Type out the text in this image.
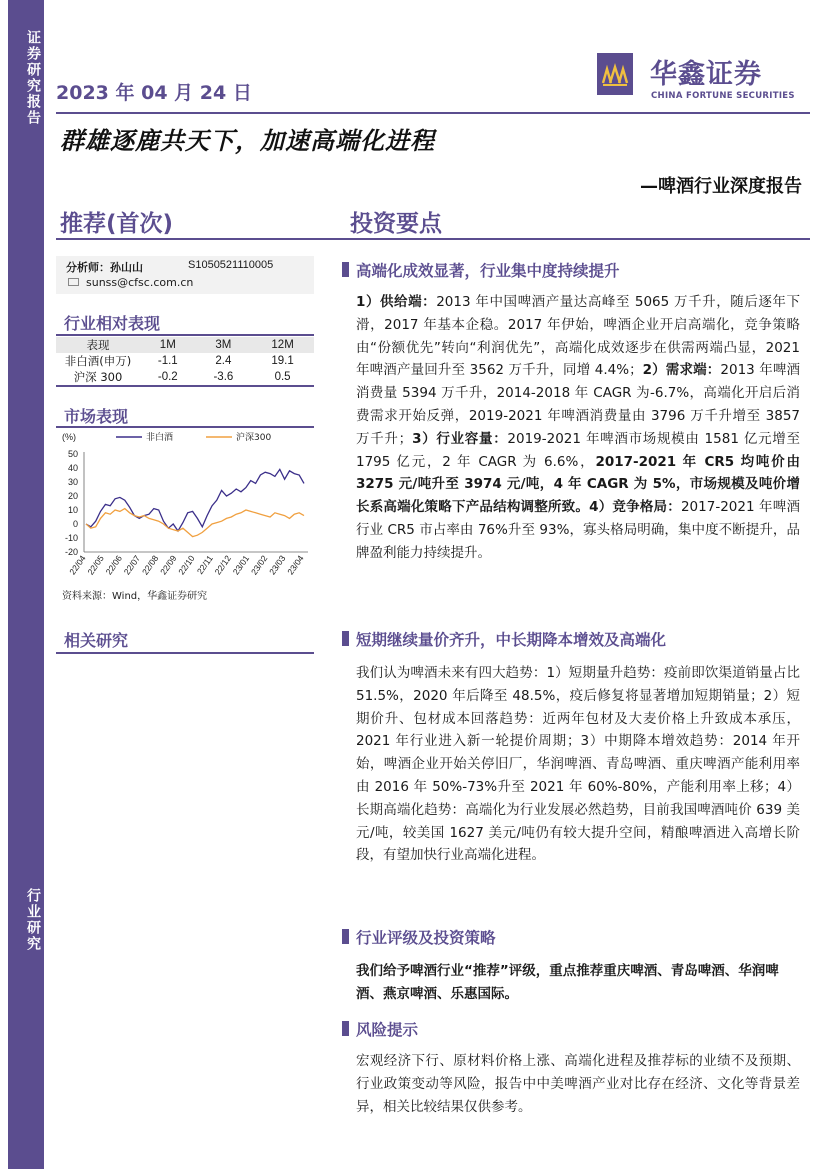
证券研究报告
行业研究
2023 年 04 月 24 日
华鑫证券
CHINA FORTUNE SECURITIES
群雄逐鹿共天下，加速高端化进程
—啤酒行业深度报告
推荐(首次)	投资要点
分析师：孙山山	S1050521110005
sunss@cfsc.com.cn
行业相对表现
表现	1M	3M	12M
非白酒(申万)	-1.1	2.4	19.1
沪深 300	-0.2	-3.6	0.5
市场表现
(%)	非白酒	沪深300
50
40
30
20
10
0
-10
-20
22/04
22/05
22/06
22/07
22/08
22/09
22/10
22/11
22/12
23/01
23/02
23/03
23/04
资料来源：Wind，华鑫证券研究
相关研究
高端化成效显著，行业集中度持续提升
1）供给端：2013 年中国啤酒产量达高峰至 5065 万千升，随后逐年下滑，2017 年基本企稳。2017 年伊始，啤酒企业开启高端化，竞争策略由“份额优先”转向“利润优先”，高端化成效逐步在供需两端凸显，2021 年啤酒产量回升至 3562 万千升，同增 4.4%；2）需求端：2013 年啤酒消费量 5394 万千升，2014-2018 年 CAGR 为-6.7%，高端化开启后消费需求开始反弹，2019-2021 年啤酒消费量由 3796 万千升增至 3857 万千升；3）行业容量：2019-2021 年啤酒市场规模由 1581 亿元增至 1795 亿元，2 年 CAGR 为 6.6%，2017-2021 年 CR5 均吨价由 3275 元/吨升至 3974 元/吨，4 年 CAGR 为 5%，市场规模及吨价增长系高端化策略下产品结构调整所致。4）竞争格局：2017-2021 年啤酒行业 CR5 市占率由 76%升至 93%，寡头格局明确，集中度不断提升，品牌盈利能力持续提升。
短期继续量价齐升，中长期降本增效及高端化
我们认为啤酒未来有四大趋势：1）短期量升趋势：疫前即饮渠道销量占比 51.5%，2020 年后降至 48.5%，疫后修复将显著增加短期销量；2）短期价升、包材成本回落趋势：近两年包材及大麦价格上升致成本承压，2021 年行业进入新一轮提价周期；3）中期降本增效趋势：2014 年开始，啤酒企业开始关停旧厂，华润啤酒、青岛啤酒、重庆啤酒产能利用率由 2016 年 50%-73%升至 2021 年 60%-80%，产能利用率上移；4）长期高端化趋势：高端化为行业发展必然趋势，目前我国啤酒吨价 639 美元/吨，较美国 1627 美元/吨仍有较大提升空间，精酿啤酒进入高增长阶段，有望加快行业高端化进程。
行业评级及投资策略
我们给予啤酒行业“推荐”评级，重点推荐重庆啤酒、青岛啤酒、华润啤酒、燕京啤酒、乐惠国际。
风险提示
宏观经济下行、原材料价格上涨、高端化进程及推荐标的业绩不及预期、行业政策变动等风险，报告中中美啤酒产业对比存在经济、文化等背景差异，相关比较结果仅供参考。
